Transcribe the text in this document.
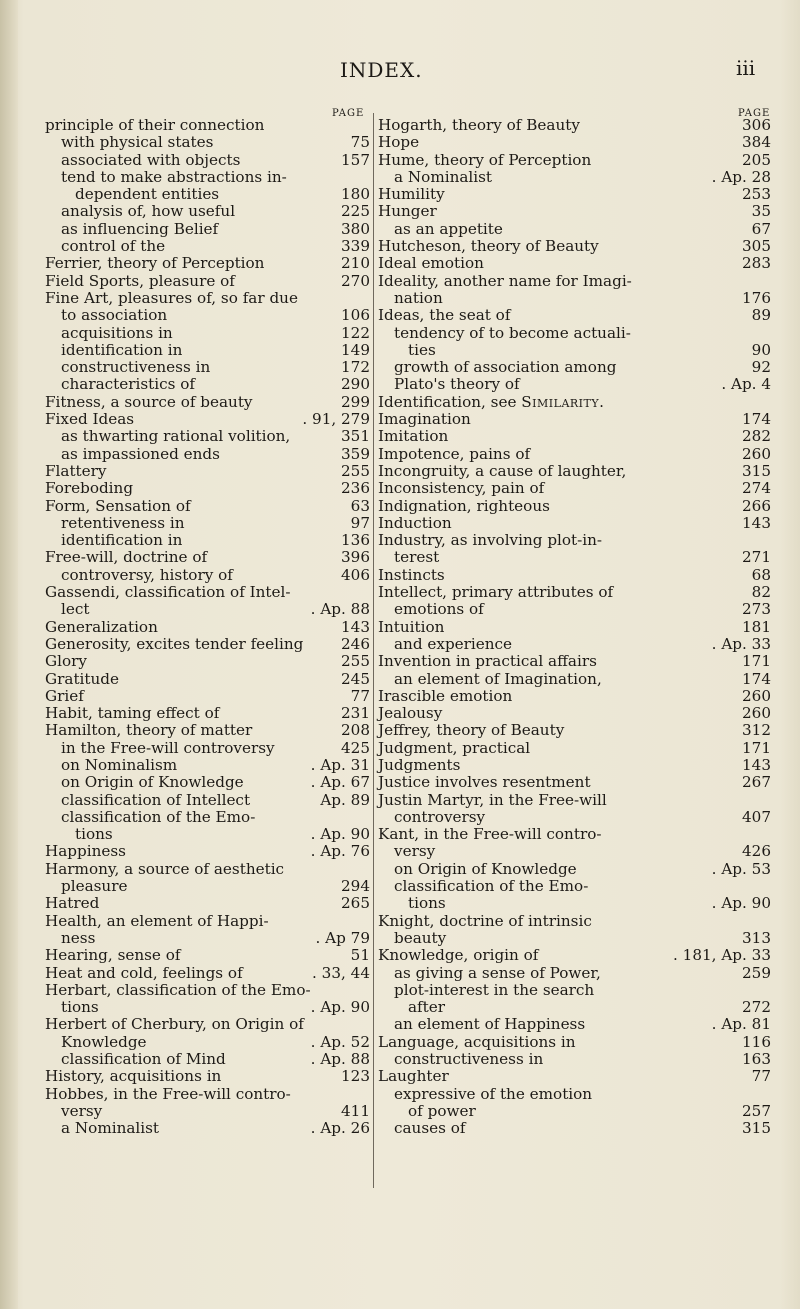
INDEX.	iii
PAGE	PAGE
principle of their connection
with physical states	75
associated with objects	157
tend to make abstractions in-
dependent entities	180
analysis of, how useful	225
as influencing Belief	380
control of the	339
Ferrier, theory of Perception	210
Field Sports, pleasure of	270
Fine Art, pleasures of, so far due
to association	106
acquisitions in	122
identification in	149
constructiveness in	172
characteristics of	290
Fitness, a source of beauty	299
Fixed Ideas	. 91, 279
as thwarting rational volition,	351
as impassioned ends	359
Flattery	255
Foreboding	236
Form, Sensation of	63
retentiveness in	97
identification in	136
Free-will, doctrine of	396
controversy, history of	406
Gassendi, classification of Intel-
lect	. Ap. 88
Generalization	143
Generosity, excites tender feeling 246
Glory	255
Gratitude	245
Grief	77
Habit, taming effect of	231
Hamilton, theory of matter	208
in the Free-will controversy	425
on Nominalism	. Ap. 31
on Origin of Knowledge	. Ap. 67
classification of Intellect	Ap. 89
classification of the Emo-
tions	. Ap. 90
Happiness	. Ap. 76
Harmony, a source of aesthetic
pleasure	294
Hatred	265
Health, an element of Happi-
ness	. Ap 79
Hearing, sense of	51
Heat and cold, feelings of	. 33, 44
Herbart, classification of the Emo-
tions	. Ap. 90
Herbert of Cherbury, on Origin of
Knowledge	. Ap. 52
classification of Mind	. Ap. 88
History, acquisitions in	123
Hobbes, in the Free-will contro-
versy	411
a Nominalist	. Ap. 26
Hogarth, theory of Beauty	306
Hope	384
Hume, theory of Perception	205
a Nominalist	. Ap. 28
Humility	253
Hunger	35
as an appetite	67
Hutcheson, theory of Beauty	305
Ideal emotion	283
Ideality, another name for Imagi-
nation	176
Ideas, the seat of	89
tendency of to become actuali-
ties	90
growth of association among	92
Plato's theory of	. Ap. 4
Identification, see Similarity.
Imagination	174
Imitation	282
Impotence, pains of	260
Incongruity, a cause of laughter,	315
Inconsistency, pain of	274
Indignation, righteous	266
Induction	143
Industry, as involving plot-in-
terest	271
Instincts	68
Intellect, primary attributes of	82
emotions of	273
Intuition	181
and experience	. Ap. 33
Invention in practical affairs	171
an element of Imagination,	174
Irascible emotion	260
Jealousy	260
Jeffrey, theory of Beauty	312
Judgment, practical	171
Judgments	143
Justice involves resentment	267
Justin Martyr, in the Free-will
controversy	407
Kant, in the Free-will contro-
versy	426
on Origin of Knowledge	. Ap. 53
classification of the Emo-
tions	. Ap. 90
Knight, doctrine of intrinsic
beauty	313
Knowledge, origin of	. 181, Ap. 33
as giving a sense of Power,	259
plot-interest in the search
after	272
an element of Happiness	. Ap. 81
Language, acquisitions in	116
constructiveness in	163
Laughter	77
expressive of the emotion
of power	257
causes of	315
